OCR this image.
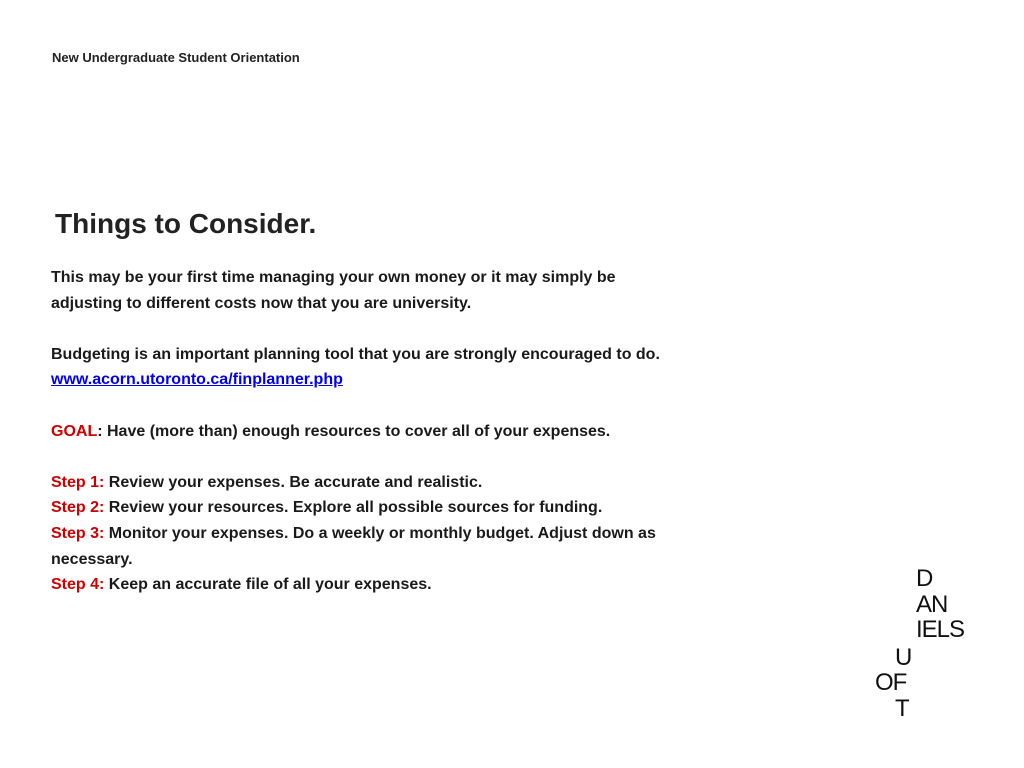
New Undergraduate Student Orientation
Things to Consider.

This may be your first time managing your own money or it may simply be adjusting to different costs now that you are university.

Budgeting is an important planning tool that you are strongly encouraged to do. www.acorn.utoronto.ca/finplanner.php

GOAL: Have (more than) enough resources to cover all of your expenses.

Step 1: Review your expenses. Be accurate and realistic.

Step 2: Review your resources. Explore all possible sources for funding.

Step 3: Monitor your expenses. Do a weekly or monthly budget. Adjust down as necessary.

Step 4: Keep an accurate file of all your expenses.	D
AN
IELS
U
OF
T
